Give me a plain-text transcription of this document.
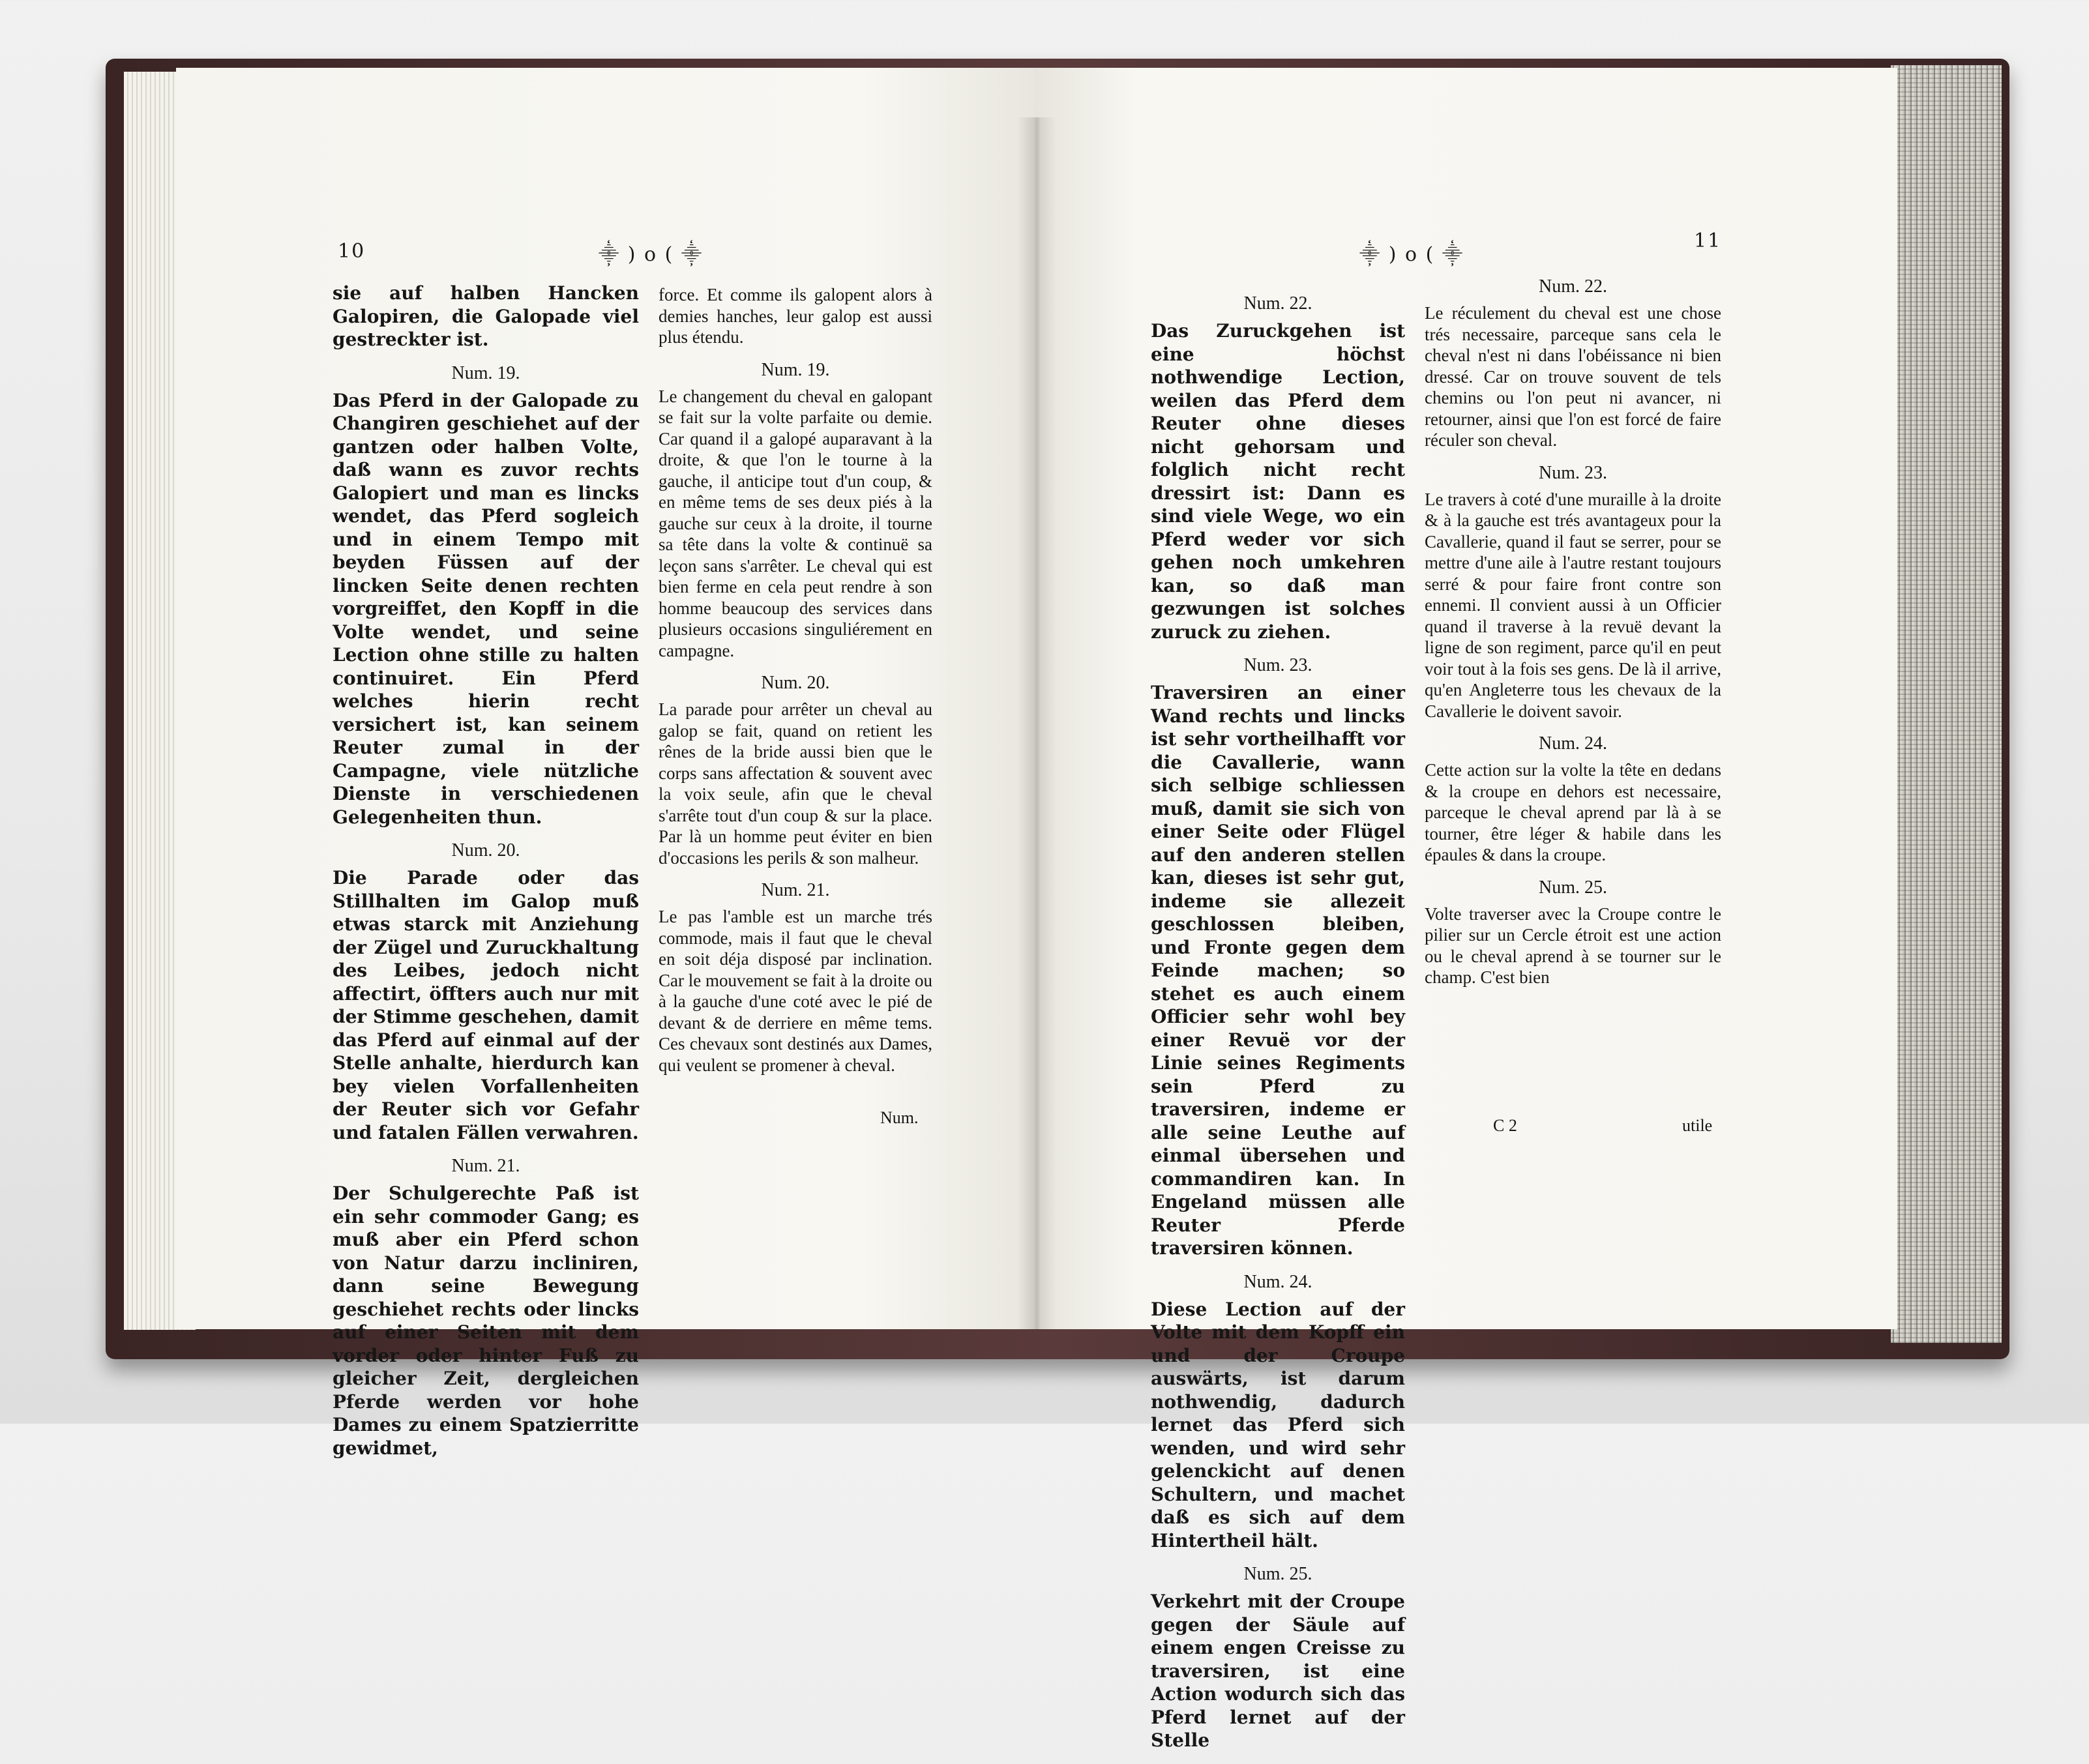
10	⸎ ) o ( ⸎

sie auf halben Hancken Galopiren, die Galopade viel gestreckter ist.

Num. 19.

Das Pferd in der Galopade zu Changiren geschiehet auf der gantzen oder halben Volte, daß wann es zuvor rechts Galopiert und man es lincks wendet, das Pferd sogleich und in einem Tempo mit beyden Füssen auf der lincken Seite denen rechten vorgreiffet, den Kopff in die Volte wendet, und seine Lection ohne stille zu halten continuiret. Ein Pferd welches hierin recht versichert ist, kan seinem Reuter zumal in der Campagne, viele nützliche Dienste in verschiedenen Gelegenheiten thun.

Num. 20.

Die Parade oder das Stillhalten im Galop muß etwas starck mit Anziehung der Zügel und Zuruckhaltung des Leibes, jedoch nicht affectirt, öffters auch nur mit der Stimme geschehen, damit das Pferd auf einmal auf der Stelle anhalte, hierdurch kan bey vielen Vorfallenheiten der Reuter sich vor Gefahr und fatalen Fällen verwahren.

Num. 21.

Der Schulgerechte Paß ist ein sehr commoder Gang; es muß aber ein Pferd schon von Natur darzu incliniren, dann seine Bewegung geschiehet rechts oder lincks auf einer Seiten mit dem vorder oder hinter Fuß zu gleicher Zeit, dergleichen Pferde werden vor hohe Dames zu einem Spatzierritte gewidmet,

force. Et comme ils galopent alors à demies hanches, leur galop est aussi plus étendu.

Num. 19.

Le changement du cheval en galopant se fait sur la volte parfaite ou demie. Car quand il a galopé auparavant à la droite, & que l'on le tourne à la gauche, il anticipe tout d'un coup, & en même tems de ses deux piés à la gauche sur ceux à la droite, il tourne sa tête dans la volte & continuë sa leçon sans s'arrêter. Le cheval qui est bien ferme en cela peut rendre à son homme beaucoup des services dans plusieurs occasions singuliérement en campagne.

Num. 20.

La parade pour arrêter un cheval au galop se fait, quand on retient les rênes de la bride aussi bien que le corps sans affectation & souvent avec la voix seule, afin que le cheval s'arrête tout d'un coup & sur la place. Par là un homme peut éviter en bien d'occasions les perils & son malheur.

Num. 21.

Le pas l'amble est un marche trés commode, mais il faut que le cheval en soit déja disposé par inclination. Car le mouvement se fait à la droite ou à la gauche d'une coté avec le pié de devant & de derriere en même tems. Ces chevaux sont destinés aux Dames, qui veulent se promener à cheval.

Num.
⸎ ) o ( ⸎
11
Num. 22.

Das Zuruckgehen ist eine höchst nothwendige Lection, weilen das Pferd dem Reuter ohne dieses nicht gehorsam und folglich nicht recht dressirt ist: Dann es sind viele Wege, wo ein Pferd weder vor sich gehen noch umkehren kan, so daß man gezwungen ist solches zuruck zu ziehen.

Num. 23.

Traversiren an einer Wand rechts und lincks ist sehr vortheilhafft vor die Cavallerie, wann sich selbige schliessen muß, damit sie sich von einer Seite oder Flügel auf den anderen stellen kan, dieses ist sehr gut, indeme sie allezeit geschlossen bleiben, und Fronte gegen dem Feinde machen; so stehet es auch einem Officier sehr wohl bey einer Revuë vor der Linie seines Regiments sein Pferd zu traversiren, indeme er alle seine Leuthe auf einmal übersehen und commandiren kan. In Engeland müssen alle Reuter Pferde traversiren können.

Num. 24.

Diese Lection auf der Volte mit dem Kopff ein und der Croupe auswärts, ist darum nothwendig, dadurch lernet das Pferd sich wenden, und wird sehr gelenckicht auf denen Schultern, und machet daß es sich auf dem Hintertheil hält.

Num. 25.

Verkehrt mit der Croupe gegen der Säule auf einem engen Creisse zu traversiren, ist eine Action wodurch sich das Pferd lernet auf der Stelle

Num. 22.

Le réculement du cheval est une chose trés necessaire, parceque sans cela le cheval n'est ni dans l'obéissance ni bien dressé. Car on trouve souvent de tels chemins ou l'on peut ni avancer, ni retourner, ainsi que l'on est forcé de faire réculer son cheval.

Num. 23.

Le travers à coté d'une muraille à la droite & à la gauche est trés avantageux pour la Cavallerie, quand il faut se serrer, pour se mettre d'une aile à l'autre restant toujours serré & pour faire front contre son ennemi. Il convient aussi à un Officier quand il traverse à la revuë devant la ligne de son regiment, parce qu'il en peut voir tout à la fois ses gens. De là il arrive, qu'en Angleterre tous les chevaux de la Cavallerie le doivent savoir.

Num. 24.

Cette action sur la volte la tête en dedans & la croupe en dehors est necessaire, parceque le cheval aprend par là à se tourner, être léger & habile dans les épaules & dans la croupe.

Num. 25.

Volte traverser avec la Croupe contre le pilier sur un Cercle étroit est une action ou le cheval aprend à se tourner sur le champ. C'est bien

C 2	utile
